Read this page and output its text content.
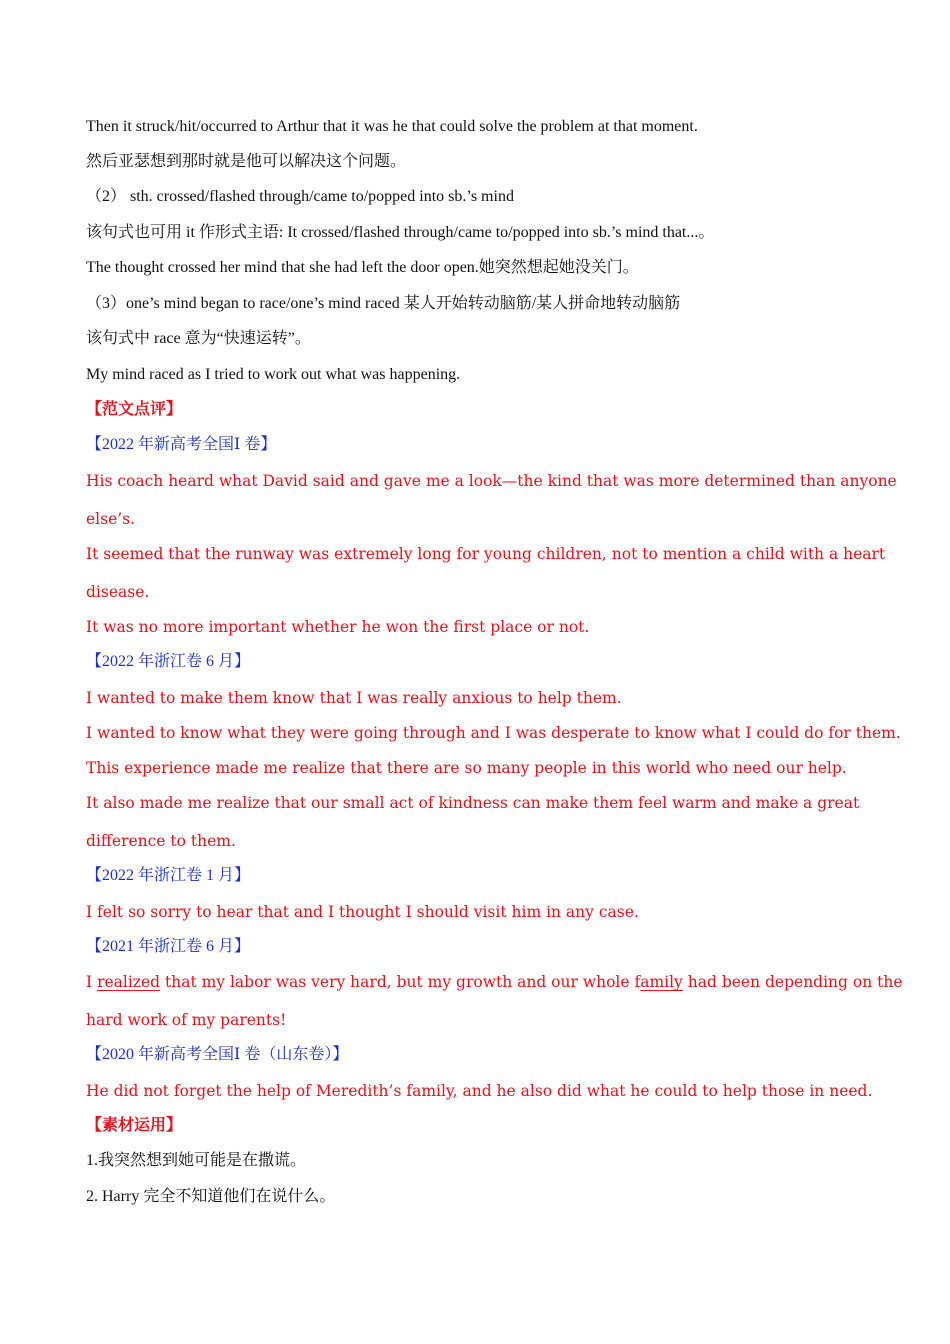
Then it struck/hit/occurred to Arthur that it was he that could solve the problem at that moment.
然后亚瑟想到那时就是他可以解决这个问题。
（2） sth. crossed/flashed through/came to/popped into sb.’s mind
该句式也可用 it 作形式主语: It crossed/flashed through/came to/popped into sb.’s mind that...。
The thought crossed her mind that she had left the door open.她突然想起她没关门。
（3）one’s mind began to race/one’s mind raced 某人开始转动脑筋/某人拼命地转动脑筋
该句式中 race 意为“快速运转”。
My mind raced as I tried to work out what was happening.
【范文点评】
【2022 年新高考全国Ⅰ 卷】
His coach heard what David said and gave me a look—the kind that was more determined than anyone
else’s.
It seemed that the runway was extremely long for young children, not to mention a child with a heart
disease.
It was no more important whether he won the first place or not.
【2022 年浙江卷 6 月】
I wanted to make them know that I was really anxious to help them.
I wanted to know what they were going through and I was desperate to know what I could do for them.
This experience made me realize that there are so many people in this world who need our help.
It also made me realize that our small act of kindness can make them feel warm and make a great
difference to them.
【2022 年浙江卷 1 月】
I felt so sorry to hear that and I thought I should visit him in any case.
【2021 年浙江卷 6 月】
I realized that my labor was very hard, but my growth and our whole family had been depending on the
hard work of my parents!
【2020 年新高考全国Ⅰ 卷（山东卷）】
He did not forget the help of Meredith’s family, and he also did what he could to help those in need.
【素材运用】
1.我突然想到她可能是在撒谎。
2. Harry 完全不知道他们在说什么。
